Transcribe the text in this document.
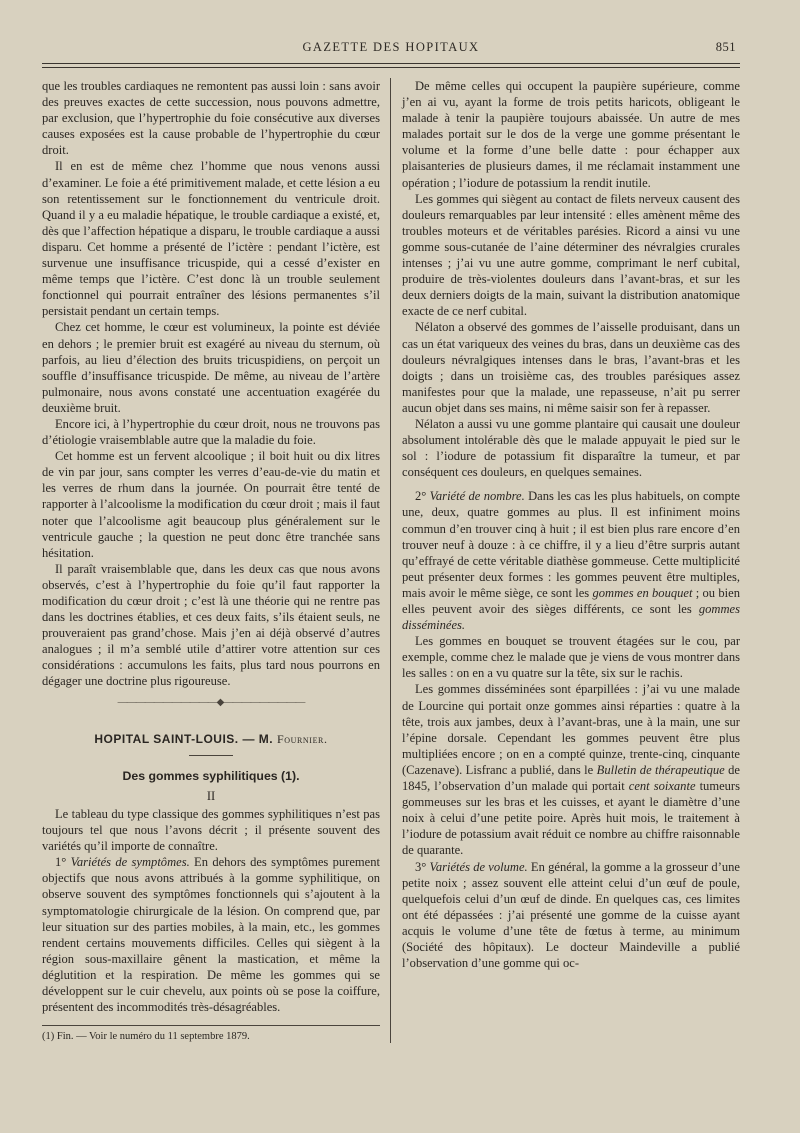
GAZETTE DES HOPITAUX	851

que les troubles cardiaques ne remontent pas aussi loin : sans avoir des preuves exactes de cette succession, nous pouvons admettre, par exclusion, que l’hypertrophie du foie consécutive aux diverses causes exposées est la cause probable de l’hypertrophie du cœur droit.

Il en est de même chez l’homme que nous venons aussi d’examiner. Le foie a été primitivement malade, et cette lésion a eu son retentissement sur le fonctionnement du ventricule droit. Quand il y a eu maladie hépatique, le trouble cardiaque a existé, et, dès que l’affection hépatique a disparu, le trouble cardiaque a aussi disparu. Cet homme a présenté de l’ictère : pendant l’ictère, est survenue une insuffisance tricuspide, qui a cessé d’exister en même temps que l’ictère. C’est donc là un trouble seulement fonctionnel qui pourrait entraîner des lésions permanentes s’il persistait pendant un certain temps.

Chez cet homme, le cœur est volumineux, la pointe est déviée en dehors ; le premier bruit est exagéré au niveau du sternum, où parfois, au lieu d’élection des bruits tricuspidiens, on perçoit un souffle d’insuffisance tricuspide. De même, au niveau de l’artère pulmonaire, nous avons constaté une accentuation exagérée du deuxième bruit.

Encore ici, à l’hypertrophie du cœur droit, nous ne trouvons pas d’étiologie vraisemblable autre que la maladie du foie.

Cet homme est un fervent alcoolique ; il boit huit ou dix litres de vin par jour, sans compter les verres d’eau-de-vie du matin et les verres de rhum dans la journée. On pourrait être tenté de rapporter à l’alcoolisme la modification du cœur droit ; mais il faut noter que l’alcoolisme agit beaucoup plus généralement sur le ventricule gauche ; la question ne peut donc être tranchée sans hésitation.

Il paraît vraisemblable que, dans les deux cas que nous avons observés, c’est à l’hypertrophie du foie qu’il faut rapporter la modification du cœur droit ; c’est là une théorie qui ne rentre pas dans les doctrines établies, et ces deux faits, s’ils étaient seuls, ne prouveraient pas grand’chose. Mais j’en ai déjà observé d’autres analogues ; il m’a semblé utile d’attirer votre attention sur ces considérations : accumulons les faits, plus tard nous pourrons en dégager une doctrine plus rigoureuse.

―――――――――――◆―――――――――
HOPITAL SAINT-LOUIS. — M. Fournier.
Des gommes syphilitiques (1).
II

Le tableau du type classique des gommes syphilitiques n’est pas toujours tel que nous l’avons décrit ; il présente souvent des variétés qu’il importe de connaître.

1° Variétés de symptômes. En dehors des symptômes purement objectifs que nous avons attribués à la gomme syphilitique, on observe souvent des symptômes fonctionnels qui s’ajoutent à la symptomatologie chirurgicale de la lésion. On comprend que, par leur situation sur des parties mobiles, à la main, etc., les gommes rendent certains mouvements difficiles. Celles qui siègent à la région sous-maxillaire gênent la mastication, et même la déglutition et la respiration. De même les gommes qui se développent sur le cuir chevelu, aux points où se pose la coiffure, présentent des incommodités très-désagréables.

(1) Fin. — Voir le numéro du 11 septembre 1879.

De même celles qui occupent la paupière supérieure, comme j’en ai vu, ayant la forme de trois petits haricots, obligeant le malade à tenir la paupière toujours abaissée. Un autre de mes malades portait sur le dos de la verge une gomme présentant le volume et la forme d’une belle datte : pour échapper aux plaisanteries de plusieurs dames, il me réclamait instamment une opération ; l’iodure de potassium la rendit inutile.

Les gommes qui siègent au contact de filets nerveux causent des douleurs remarquables par leur intensité : elles amènent même des troubles moteurs et de véritables parésies. Ricord a ainsi vu une gomme sous-cutanée de l’aine déterminer des névralgies crurales intenses ; j’ai vu une autre gomme, comprimant le nerf cubital, produire de très-violentes douleurs dans l’avant-bras, et sur les deux derniers doigts de la main, suivant la distribution anatomique exacte de ce nerf cubital.

Nélaton a observé des gommes de l’aisselle produisant, dans un cas un état variqueux des veines du bras, dans un deuxième cas des douleurs névralgiques intenses dans le bras, l’avant-bras et les doigts ; dans un troisième cas, des troubles parésiques assez manifestes pour que la malade, une repasseuse, n’ait pu serrer aucun objet dans ses mains, ni même saisir son fer à repasser.

Nélaton a aussi vu une gomme plantaire qui causait une douleur absolument intolérable dès que le malade appuyait le pied sur le sol : l’iodure de potassium fit disparaître la tumeur, et par conséquent ces douleurs, en quelques semaines.

2° Variété de nombre. Dans les cas les plus habituels, on compte une, deux, quatre gommes au plus. Il est infiniment moins commun d’en trouver cinq à huit ; il est bien plus rare encore d’en trouver neuf à douze : à ce chiffre, il y a lieu d’être surpris autant qu’effrayé de cette véritable diathèse gommeuse. Cette multiplicité peut présenter deux formes : les gommes peuvent être multiples, mais avoir le même siège, ce sont les gommes en bouquet ; ou bien elles peuvent avoir des sièges différents, ce sont les gommes disséminées.

Les gommes en bouquet se trouvent étagées sur le cou, par exemple, comme chez le malade que je viens de vous montrer dans les salles : on en a vu quatre sur la tête, six sur le rachis.

Les gommes disséminées sont éparpillées : j’ai vu une malade de Lourcine qui portait onze gommes ainsi réparties : quatre à la tête, trois aux jambes, deux à l’avant-bras, une à la main, une sur l’épine dorsale. Cependant les gommes peuvent être plus multipliées encore ; on en a compté quinze, trente-cinq, cinquante (Cazenave). Lisfranc a publié, dans le Bulletin de thérapeutique de 1845, l’observation d’un malade qui portait cent soixante tumeurs gommeuses sur les bras et les cuisses, et ayant le diamètre d’une noix à celui d’une petite poire. Après huit mois, le traitement à l’iodure de potassium avait réduit ce nombre au chiffre raisonnable de quarante.

3° Variétés de volume. En général, la gomme a la grosseur d’une petite noix ; assez souvent elle atteint celui d’un œuf de poule, quelquefois celui d’un œuf de dinde. En quelques cas, ces limites ont été dépassées : j’ai présenté une gomme de la cuisse ayant acquis le volume d’une tête de fœtus à terme, au minimum (Société des hôpitaux). Le docteur Maindeville a publié l’observation d’une gomme qui oc-
